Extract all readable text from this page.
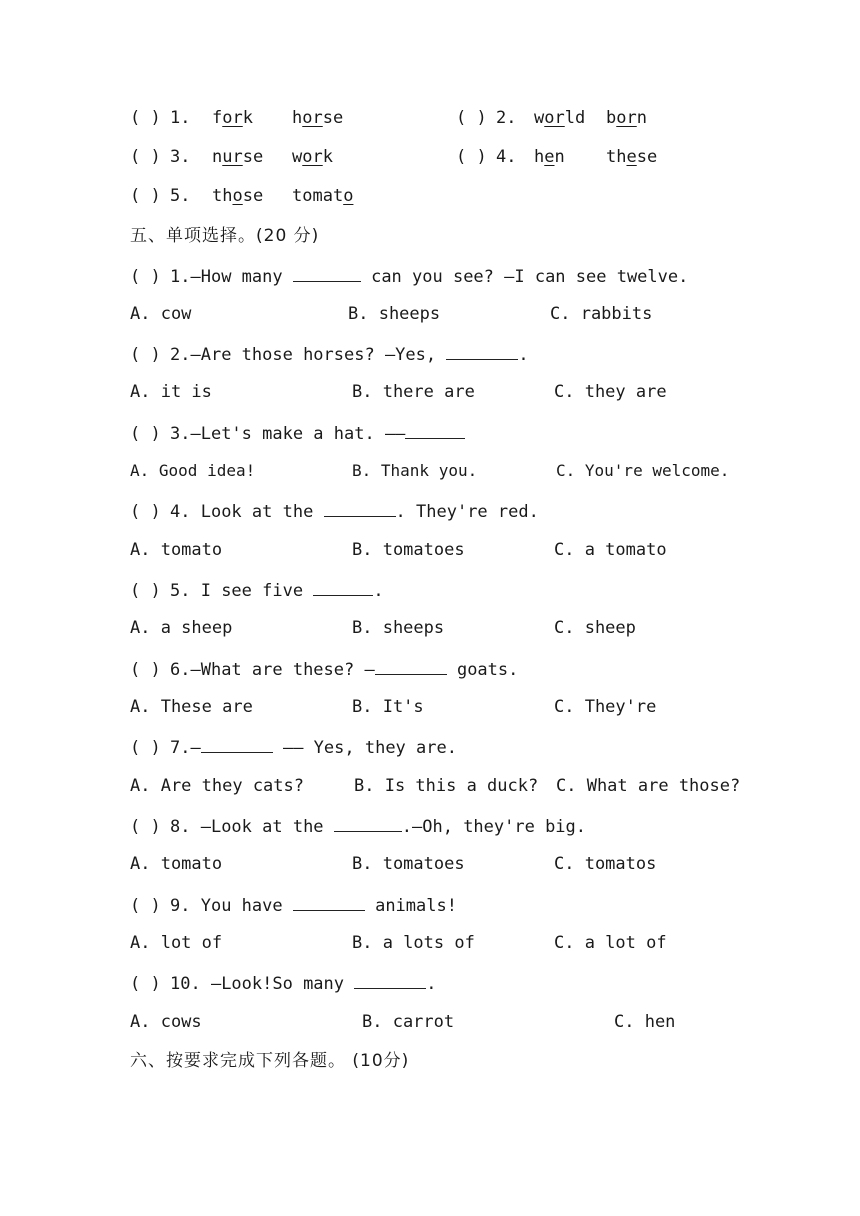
( ) 1. fork horse	( ) 2. world born
( ) 3. nurse work	( ) 4. hen these
( ) 5. those tomato
五、单项选择。(20 分)
( ) 1.—How many	can you see? —I can see twelve.
A. cow	B. sheeps	C. rabbits
( ) 2.—Are those horses? —Yes,	.
A. it is	B. there are	C. they are
( ) 3.—Let's make a hat. ——
A. Good idea!	B. Thank you.	C. You're welcome.
( ) 4. Look at the	. They're red.
A. tomato	B. tomatoes	C. a tomato
( ) 5. I see five	.
A. a sheep	B. sheeps	C. sheep
( ) 6.—What are these? —	goats.
A. These are	B. It's	C. They're
( ) 7.—	—— Yes, they are.
A. Are they cats?	B. Is this a duck? C. What are those?
( ) 8. —Look at the	.—Oh, they're big.
A. tomato	B. tomatoes	C. tomatos
( ) 9. You have	animals!
A. lot of	B. a lots of	C. a lot of
( ) 10. —Look!So many	.
A. cows	B. carrot	C. hen
六、按要求完成下列各题。 (10分)
